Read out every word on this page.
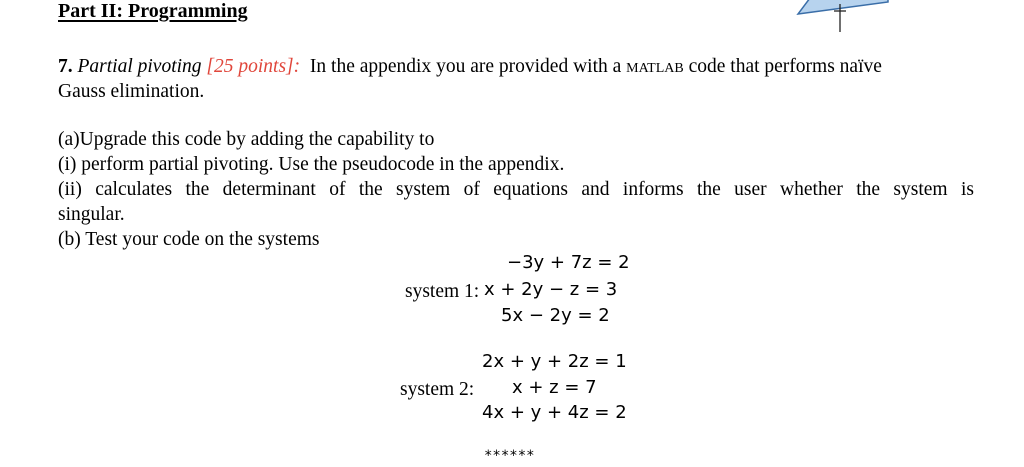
Part II: Programming
7. Partial pivoting [25 points]: In the appendix you are provided with a matlab code that performs naïve
Gauss elimination.
(a)Upgrade this code by adding the capability to
(i) perform partial pivoting. Use the pseudocode in the appendix.
(ii) calculates the determinant of the system of equations and informs the user whether the system is
singular.
(b) Test your code on the systems
−3y + 7z = 2
system 1: x + 2y − z = 3
5x − 2y = 2
2x + y + 2z = 1
system 2: x + z = 7
4x + y + 4z = 2
******
